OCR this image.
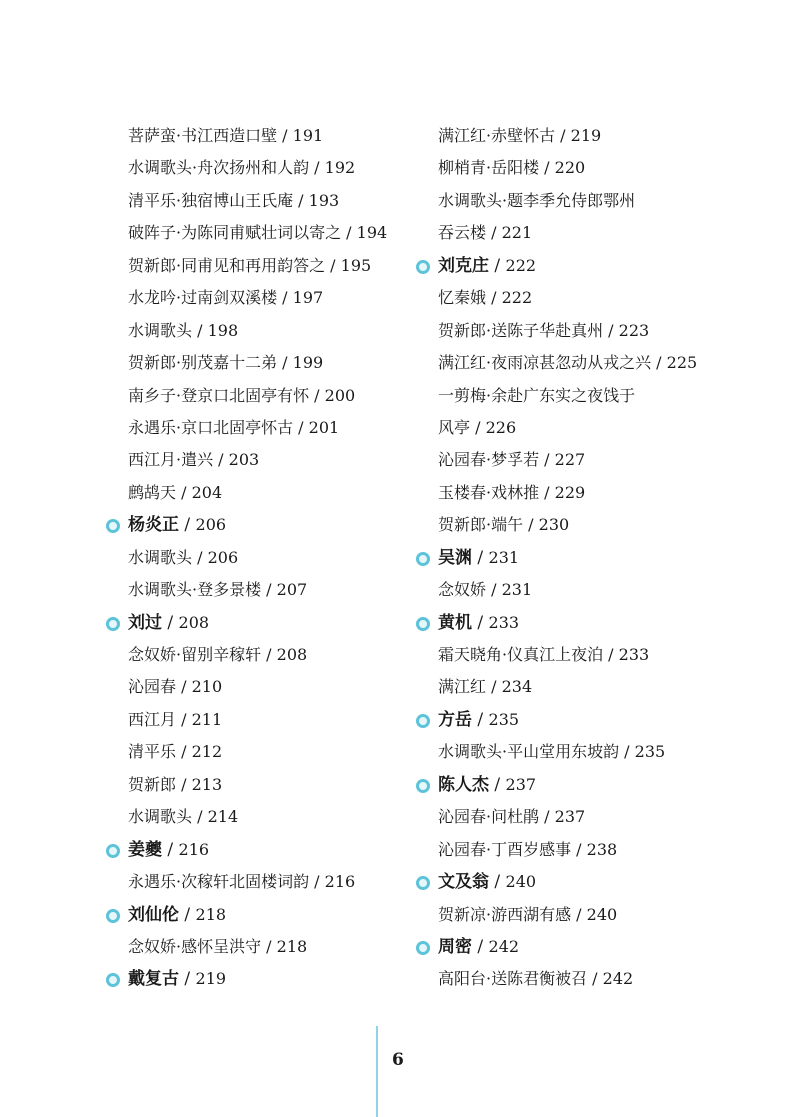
菩萨蛮·书江西造口壁 / 191
水调歌头·舟次扬州和人韵 / 192
清平乐·独宿博山王氏庵 / 193
破阵子·为陈同甫赋壮词以寄之 / 194
贺新郎·同甫见和再用韵答之 / 195
水龙吟·过南剑双溪楼 / 197
水调歌头 / 198
贺新郎·别茂嘉十二弟 / 199
南乡子·登京口北固亭有怀 / 200
永遇乐·京口北固亭怀古 / 201
西江月·遣兴 / 203
鹧鸪天 / 204
杨炎正 / 206
水调歌头 / 206
水调歌头·登多景楼 / 207
刘过 / 208
念奴娇·留别辛稼轩 / 208
沁园春 / 210
西江月 / 211
清平乐 / 212
贺新郎 / 213
水调歌头 / 214
姜夔 / 216
永遇乐·次稼轩北固楼词韵 / 216
刘仙伦 / 218
念奴娇·感怀呈洪守 / 218
戴复古 / 219
满江红·赤壁怀古 / 219
柳梢青·岳阳楼 / 220
水调歌头·题李季允侍郎鄂州
吞云楼 / 221
刘克庄 / 222
忆秦娥 / 222
贺新郎·送陈子华赴真州 / 223
满江红·夜雨凉甚忽动从戎之兴 / 225
一剪梅·余赴广东实之夜饯于
风亭 / 226
沁园春·梦孚若 / 227
玉楼春·戏林推 / 229
贺新郎·端午 / 230
吴渊 / 231
念奴娇 / 231
黄机 / 233
霜天晓角·仪真江上夜泊 / 233
满江红 / 234
方岳 / 235
水调歌头·平山堂用东坡韵 / 235
陈人杰 / 237
沁园春·问杜鹃 / 237
沁园春·丁酉岁感事 / 238
文及翁 / 240
贺新凉·游西湖有感 / 240
周密 / 242
高阳台·送陈君衡被召 / 242
6
